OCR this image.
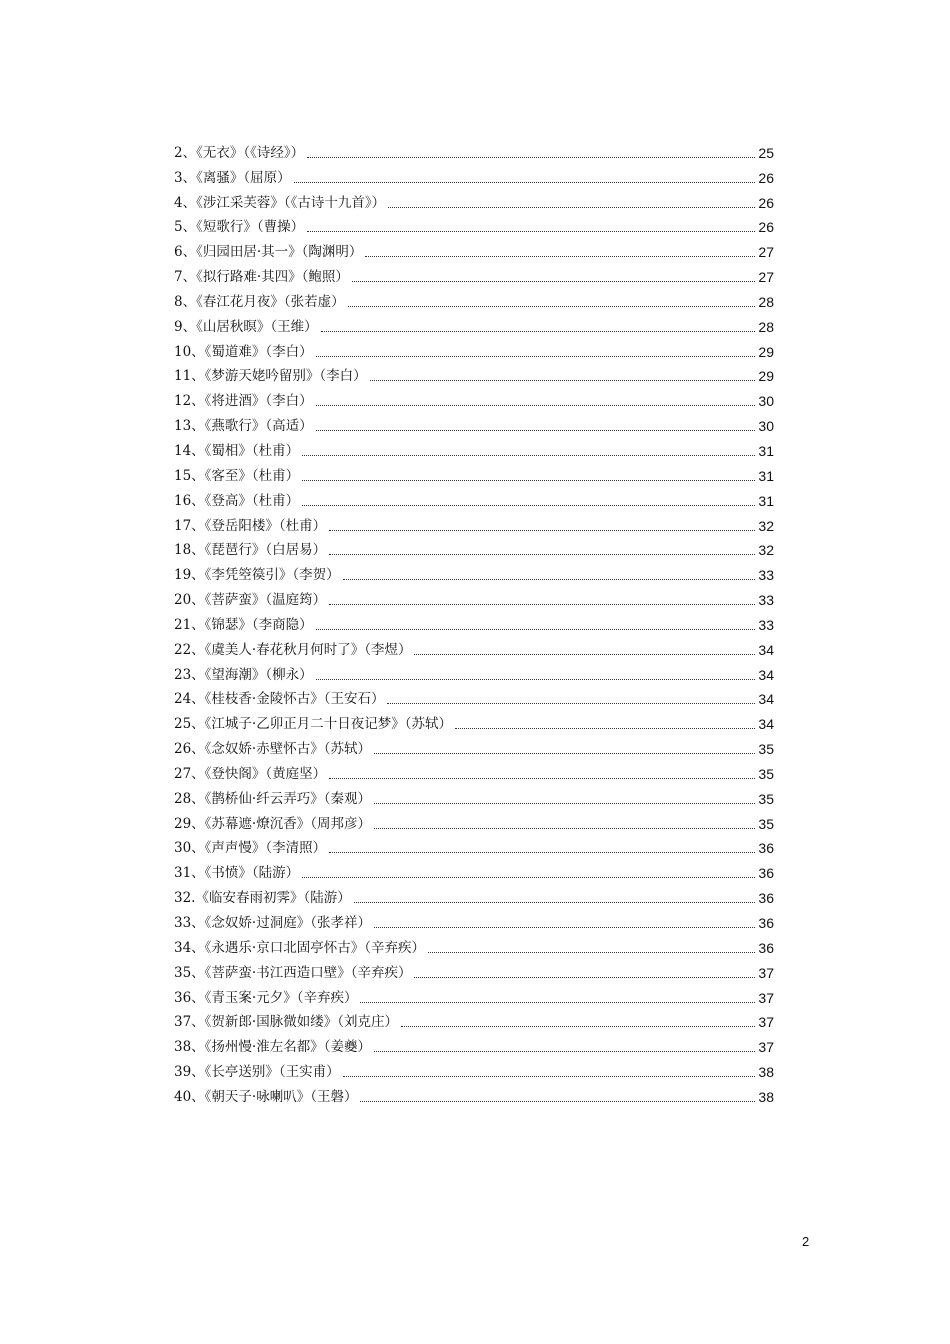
2、《无衣》（《诗经》）	25
3、《离骚》（屈原）	26
4、《涉江采芙蓉》（《古诗十九首》）	26
5、《短歌行》（曹操）	26
6、《归园田居·其一》（陶渊明）	27
7、《拟行路难·其四》（鲍照）	27
8、《春江花月夜》（张若虚）	28
9、《山居秋暝》（王维）	28
10、《蜀道难》（李白）	29
11、《梦游天姥吟留别》（李白）	29
12、《将进酒》（李白）	30
13、《燕歌行》（高适）	30
14、《蜀相》（杜甫）	31
15、《客至》（杜甫）	31
16、《登高》（杜甫）	31
17、《登岳阳楼》（杜甫）	32
18、《琵琶行》（白居易）	32
19、《李凭箜篌引》（李贺）	33
20、《菩萨蛮》（温庭筠）	33
21、《锦瑟》（李商隐）	33
22、《虞美人·春花秋月何时了》（李煜）	34
23、《望海潮》（柳永）	34
24、《桂枝香·金陵怀古》（王安石）	34
25、《江城子·乙卯正月二十日夜记梦》（苏轼）	34
26、《念奴娇·赤壁怀古》（苏轼）	35
27、《登快阁》（黄庭坚）	35
28、《鹊桥仙·纤云弄巧》（秦观）	35
29、《苏幕遮·燎沉香》（周邦彦）	35
30、《声声慢》（李清照）	36
31、《书愤》（陆游）	36
32.《临安春雨初霁》（陆游）	36
33、《念奴娇·过洞庭》（张孝祥）	36
34、《永遇乐·京口北固亭怀古》（辛弃疾）	36
35、《菩萨蛮·书江西造口壁》（辛弃疾）	37
36、《青玉案·元夕》（辛弃疾）	37
37、《贺新郎·国脉微如缕》（刘克庄）	37
38、《扬州慢·淮左名都》（姜夔）	37
39、《长亭送别》（王实甫）	38
40、《朝天子·咏喇叭》（王磐）	38
2
